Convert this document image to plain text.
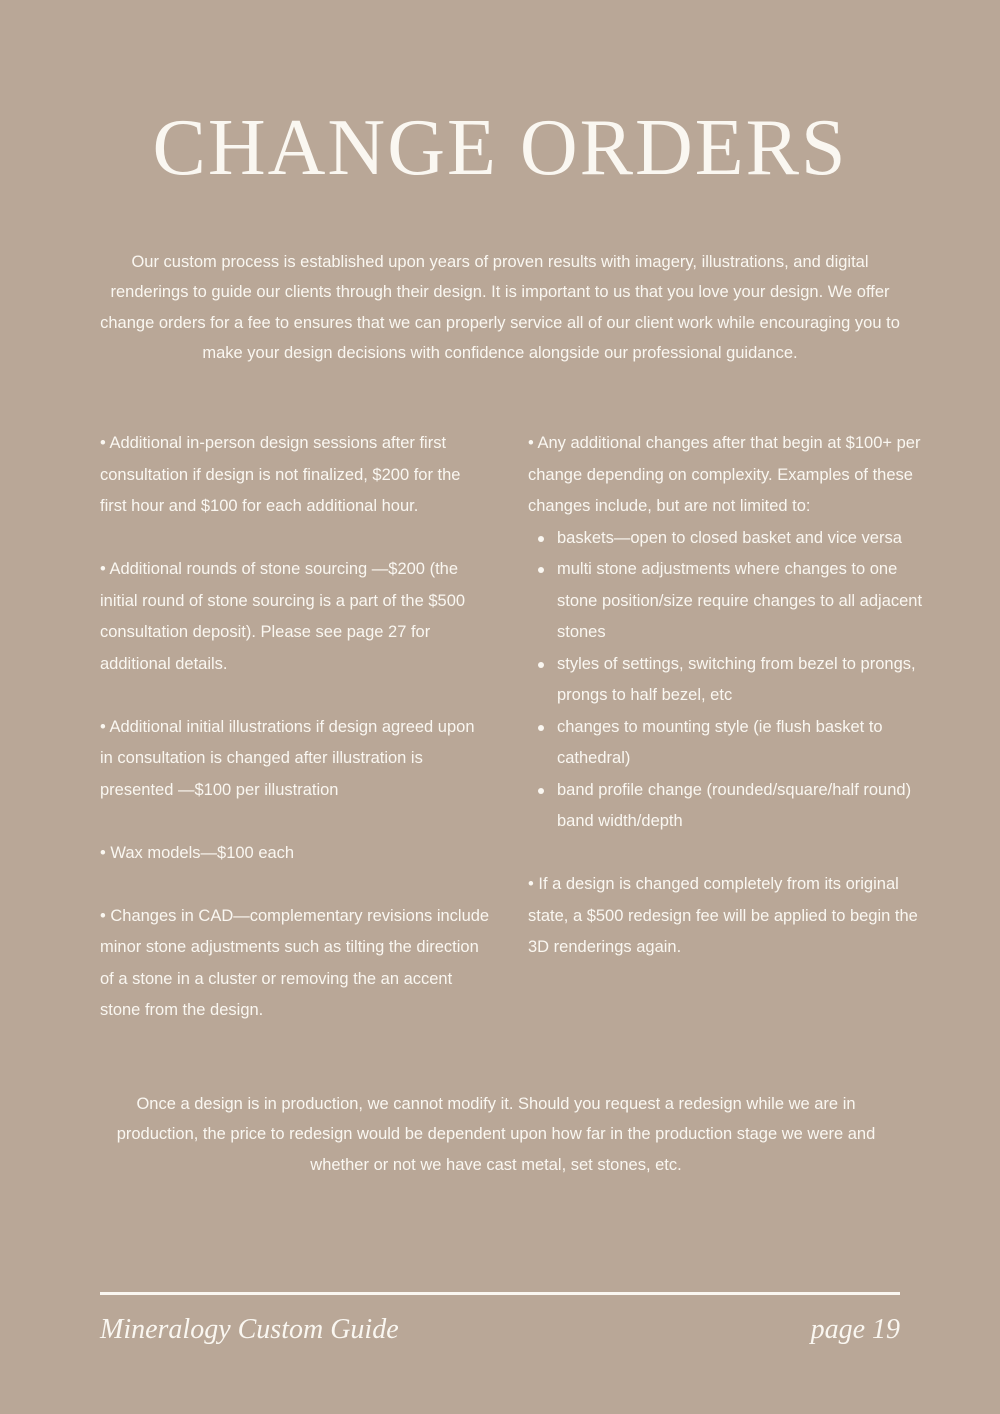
CHANGE ORDERS

Our custom process is established upon years of proven results with imagery, illustrations, and digital renderings to guide our clients through their design. It is important to us that you love your design. We offer change orders for a fee to ensures that we can properly service all of our client work while encouraging you to make your design decisions with confidence alongside our professional guidance.

• Additional in-person design sessions after first consultation if design is not finalized, $200 for the first hour and $100 for each additional hour.

• Additional rounds of stone sourcing —$200 (the initial round of stone sourcing is a part of the $500 consultation deposit). Please see page 27 for additional details.

• Additional initial illustrations if design agreed upon in consultation is changed after illustration is presented —$100 per illustration

• Wax models—$100 each

• Changes in CAD—complementary revisions include minor stone adjustments such as tilting the direction of a stone in a cluster or removing the an accent stone from the design.

• Any additional changes after that begin at $100+ per change depending on complexity. Examples of these changes include, but are not limited to:

baskets—open to closed basket and vice versa
multi stone adjustments where changes to one stone position/size require changes to all adjacent stones
styles of settings, switching from bezel to prongs, prongs to half bezel, etc
changes to mounting style (ie flush basket to cathedral)
band profile change (rounded/square/half round) band width/depth

• If a design is changed completely from its original state, a $500 redesign fee will be applied to begin the 3D renderings again.

Once a design is in production, we cannot modify it. Should you request a redesign while we are in production, the price to redesign would be dependent upon how far in the production stage we were and whether or not we have cast metal, set stones, etc.

Mineralogy Custom Guide	page 19
